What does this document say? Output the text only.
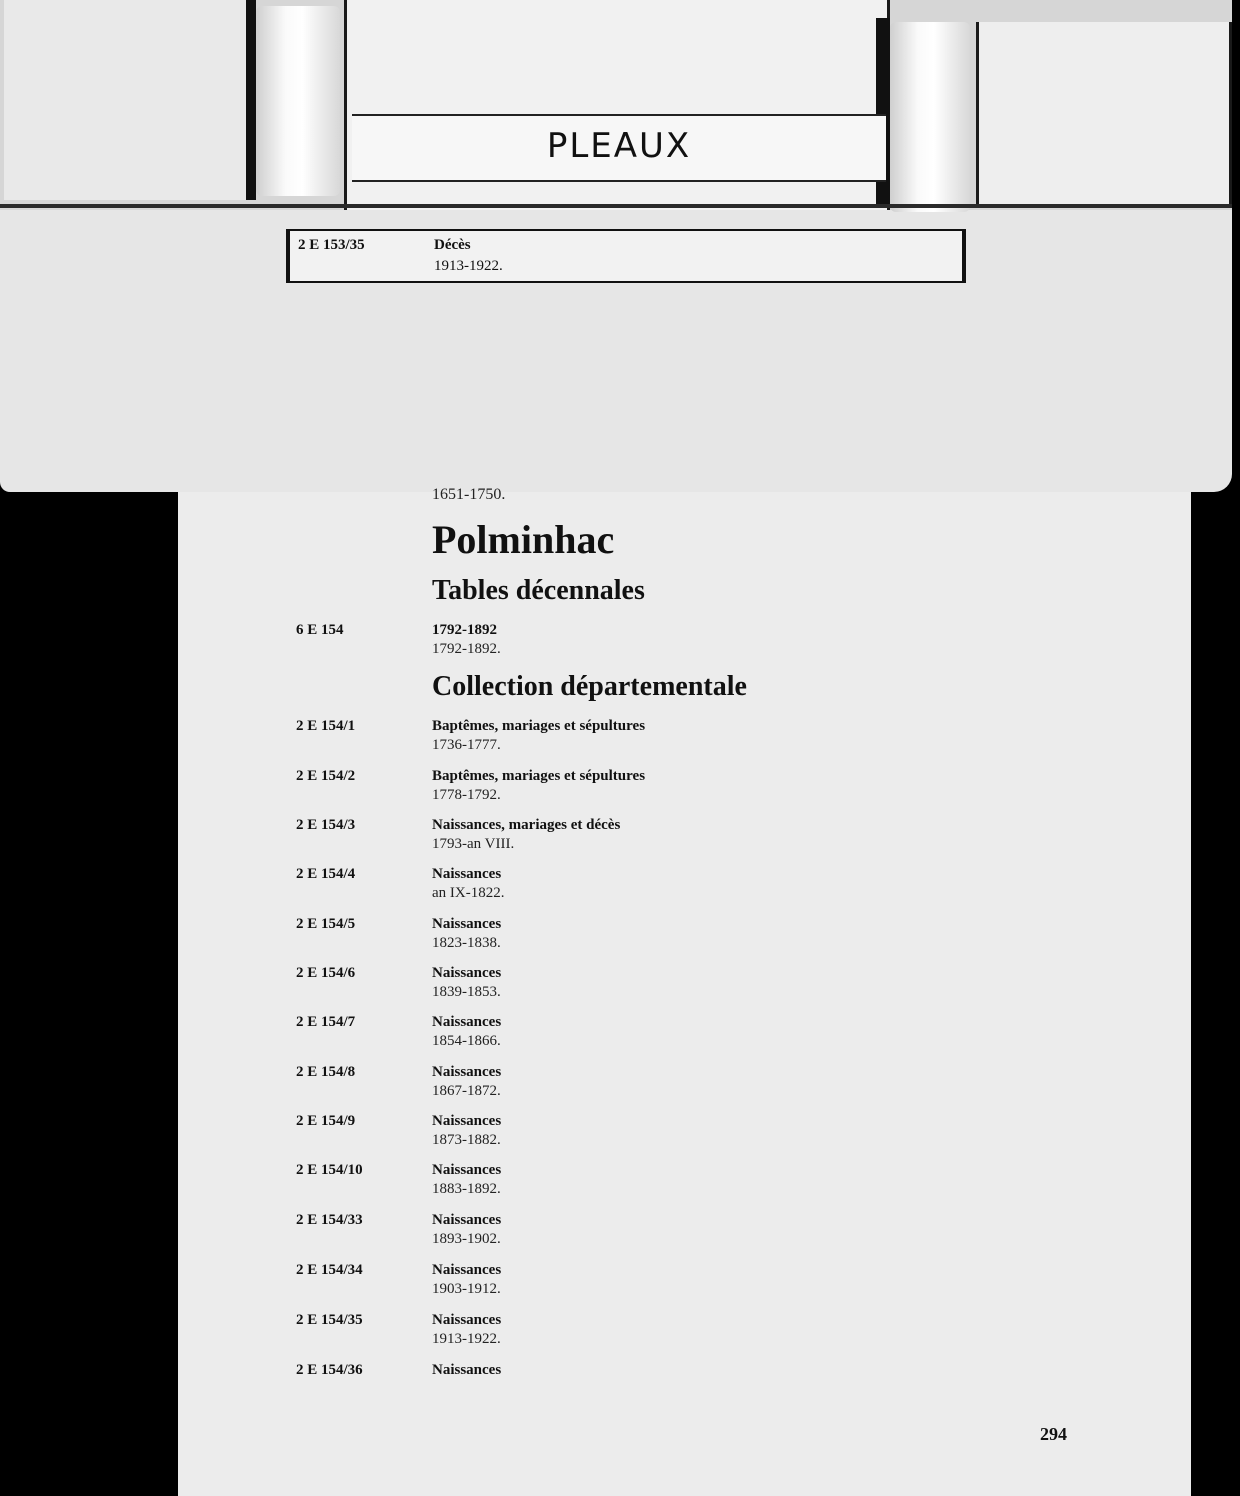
PLEAUX
2 E 153/35	Décès
1913-1922.
1651-1750.
Polminhac
Tables décennales
6 E 154	1792-1892
1792-1892.
Collection départementale
2 E 154/1	Baptêmes, mariages et sépultures
1736-1777.
2 E 154/2	Baptêmes, mariages et sépultures
1778-1792.
2 E 154/3	Naissances, mariages et décès
1793-an VIII.
2 E 154/4	Naissances
an IX-1822.
2 E 154/5	Naissances
1823-1838.
2 E 154/6	Naissances
1839-1853.
2 E 154/7	Naissances
1854-1866.
2 E 154/8	Naissances
1867-1872.
2 E 154/9	Naissances
1873-1882.
2 E 154/10	Naissances
1883-1892.
2 E 154/33	Naissances
1893-1902.
2 E 154/34	Naissances
1903-1912.
2 E 154/35	Naissances
1913-1922.
2 E 154/36	Naissances
294
